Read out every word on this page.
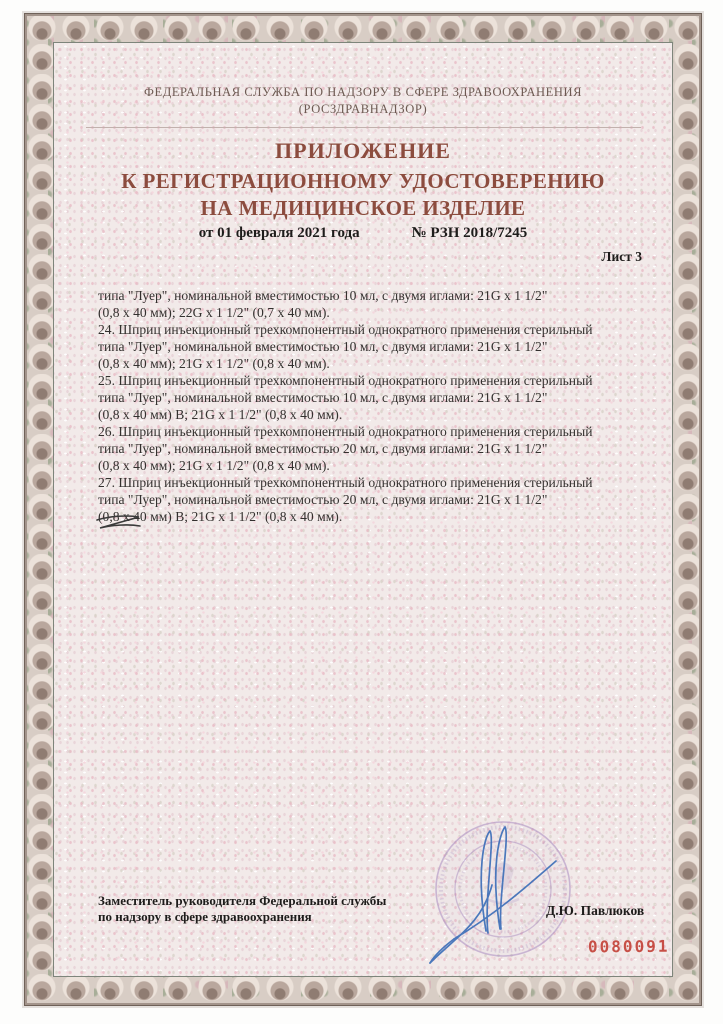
ФЕДЕРАЛЬНАЯ СЛУЖБА ПО НАДЗОРУ В СФЕРЕ ЗДРАВООХРАНЕНИЯ
(РОСЗДРАВНАДЗОР)
ПРИЛОЖЕНИЕ
К РЕГИСТРАЦИОННОМУ УДОСТОВЕРЕНИЮ
НА МЕДИЦИНСКОЕ ИЗДЕЛИЕ
от 01 февраля 2021 года	№ РЗН 2018/7245
Лист 3
типа "Луер", номинальной вместимостью 10 мл, с двумя иглами: 21G x 1 1/2"
(0,8 x 40 мм); 22G x 1 1/2" (0,7 x 40 мм).
24. Шприц инъекционный трехкомпонентный однократного применения стерильный
типа "Луер", номинальной вместимостью 10 мл, с двумя иглами: 21G x 1 1/2"
(0,8 x 40 мм); 21G x 1 1/2" (0,8 x 40 мм).
25. Шприц инъекционный трехкомпонентный однократного применения стерильный
типа "Луер", номинальной вместимостью 10 мл, с двумя иглами: 21G x 1 1/2"
(0,8 x 40 мм) В; 21G x 1 1/2" (0,8 x 40 мм).
26. Шприц инъекционный трехкомпонентный однократного применения стерильный
типа "Луер", номинальной вместимостью 20 мл, с двумя иглами: 21G x 1 1/2"
(0,8 x 40 мм); 21G x 1 1/2" (0,8 x 40 мм).
27. Шприц инъекционный трехкомпонентный однократного применения стерильный
типа "Луер", номинальной вместимостью 20 мл, с двумя иглами: 21G x 1 1/2"
(0,8 x 40 мм) В; 21G x 1 1/2" (0,8 x 40 мм).
Заместитель руководителя Федеральной службы
по надзору в сфере здравоохранения	Д.Ю. Павлюков
0080091
